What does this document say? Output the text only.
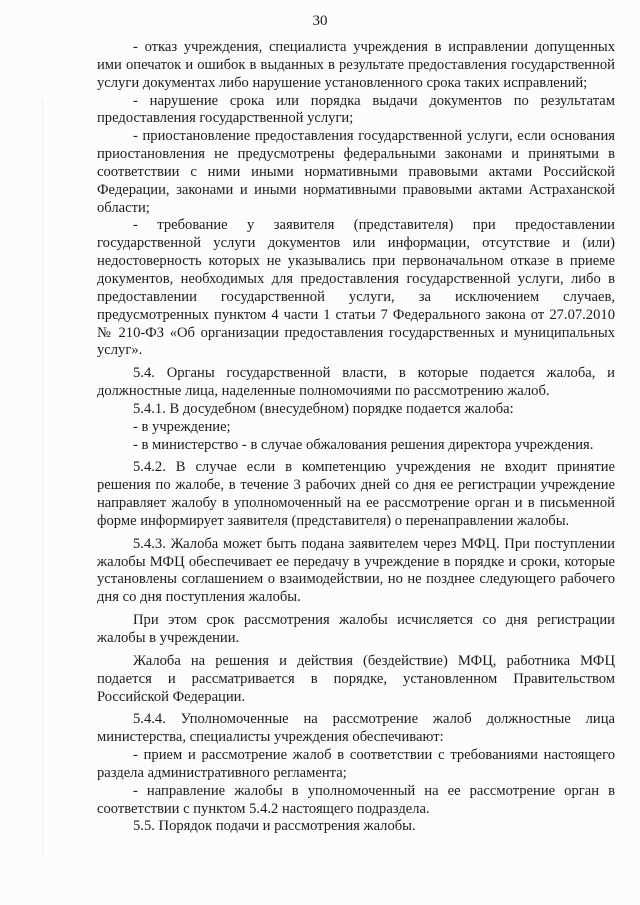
30

- отказ учреждения, специалиста учреждения в исправлении допущенных ими опечаток и ошибок в выданных в результате предоставления государственной услуги документах либо нарушение установленного срока таких исправлений;

- нарушение срока или порядка выдачи документов по результатам предоставления государственной услуги;

- приостановление предоставления государственной услуги, если основания приостановления не предусмотрены федеральными законами и принятыми в соответствии с ними иными нормативными правовыми актами Российской Федерации, законами и иными нормативными правовыми актами Астраханской области;

- требование у заявителя (представителя) при предоставлении государственной услуги документов или информации, отсутствие и (или) недостоверность которых не указывались при первоначальном отказе в приеме документов, необходимых для предоставления государственной услуги, либо в предоставлении государственной услуги, за исключением случаев, предусмотренных пунктом 4 части 1 статьи 7 Федерального закона от 27.07.2010 № 210-ФЗ «Об организации предоставления государственных и муниципальных услуг».

5.4. Органы государственной власти, в которые подается жалоба, и должностные лица, наделенные полномочиями по рассмотрению жалоб.

5.4.1. В досудебном (внесудебном) порядке подается жалоба:

- в учреждение;

- в министерство - в случае обжалования решения директора учреждения.

5.4.2. В случае если в компетенцию учреждения не входит принятие решения по жалобе, в течение 3 рабочих дней со дня ее регистрации учреждение направляет жалобу в уполномоченный на ее рассмотрение орган и в письменной форме информирует заявителя (представителя) о перенаправлении жалобы.

5.4.3. Жалоба может быть подана заявителем через МФЦ. При поступлении жалобы МФЦ обеспечивает ее передачу в учреждение в порядке и сроки, которые установлены соглашением о взаимодействии, но не позднее следующего рабочего дня со дня поступления жалобы.

При этом срок рассмотрения жалобы исчисляется со дня регистрации жалобы в учреждении.

Жалоба на решения и действия (бездействие) МФЦ, работника МФЦ подается и рассматривается в порядке, установленном Правительством Российской Федерации.

5.4.4. Уполномоченные на рассмотрение жалоб должностные лица министерства, специалисты учреждения обеспечивают:

- прием и рассмотрение жалоб в соответствии с требованиями настоящего раздела административного регламента;

- направление жалобы в уполномоченный на ее рассмотрение орган в соответствии с пунктом 5.4.2 настоящего подраздела.

5.5. Порядок подачи и рассмотрения жалобы.
